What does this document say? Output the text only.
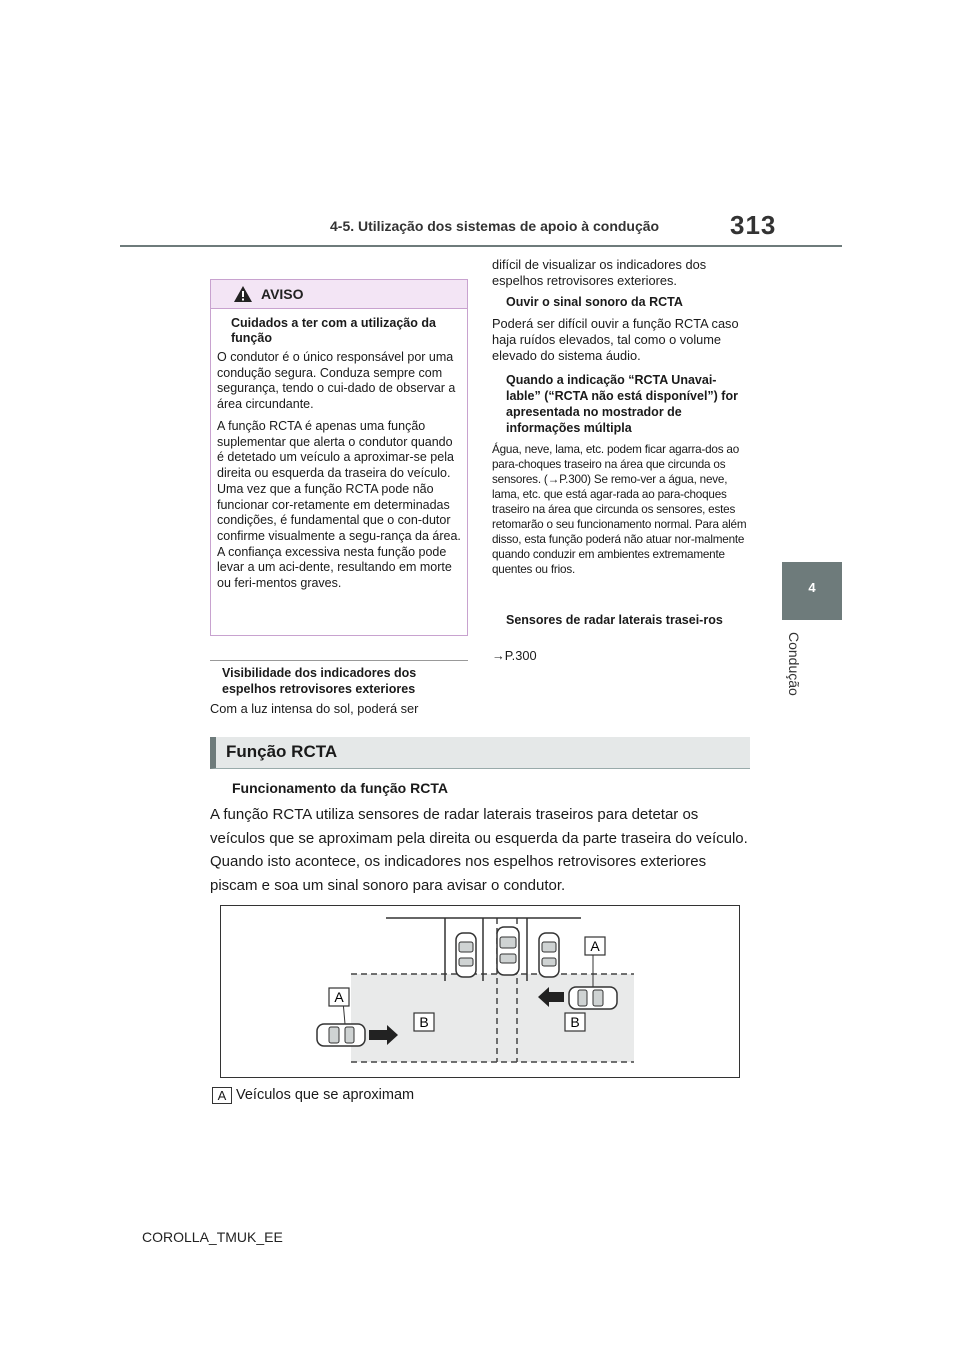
4-5. Utilização dos sistemas de apoio à condução	313
4
Condução
AVISO
Cuidados a ter com a utilização da função
O condutor é o único responsável por uma condução segura. Conduza sempre com segurança, tendo o cui-dado de observar a área circundante.
A função RCTA é apenas uma função suplementar que alerta o condutor quando é detetado um veículo a aproximar-se pela direita ou esquerda da traseira do veículo. Uma vez que a função RCTA pode não funcionar cor-retamente em determinadas condições, é fundamental que o con-dutor confirme visualmente a segu-rança da área. A confiança excessiva nesta função pode levar a um aci-dente, resultando em morte ou feri-mentos graves.
Visibilidade dos indicadores dos espelhos retrovisores exteriores
Com a luz intensa do sol, poderá ser
difícil de visualizar os indicadores dos espelhos retrovisores exteriores.
Ouvir o sinal sonoro da RCTA
Poderá ser difícil ouvir a função RCTA caso haja ruídos elevados, tal como o volume elevado do sistema áudio.
Quando a indicação “RCTA Unavai-lable” (“RCTA não está disponível”) for apresentada no mostrador de informações múltipla
Água, neve, lama, etc. podem ficar agarra-dos ao para-choques traseiro na área que circunda os sensores. (→P.300) Se remo-ver a água, neve, lama, etc. que está agar-rada ao para-choques traseiro na área que circunda os sensores, estes retomarão o seu funcionamento normal. Para além disso, esta função poderá não atuar nor-malmente quando conduzir em ambientes extremamente quentes ou frios.
Sensores de radar laterais trasei-ros
→P.300
Função RCTA
Funcionamento da função RCTA
A função RCTA utiliza sensores de radar laterais traseiros para detetar os veículos que se aproximam pela direita ou esquerda da parte traseira do veículo. Quando isto acontece, os indicadores nos espelhos retrovisores exteriores piscam e soa um sinal sonoro para avisar o condutor.
A
A
B	B
A Veículos que se aproximam
COROLLA_TMUK_EE
